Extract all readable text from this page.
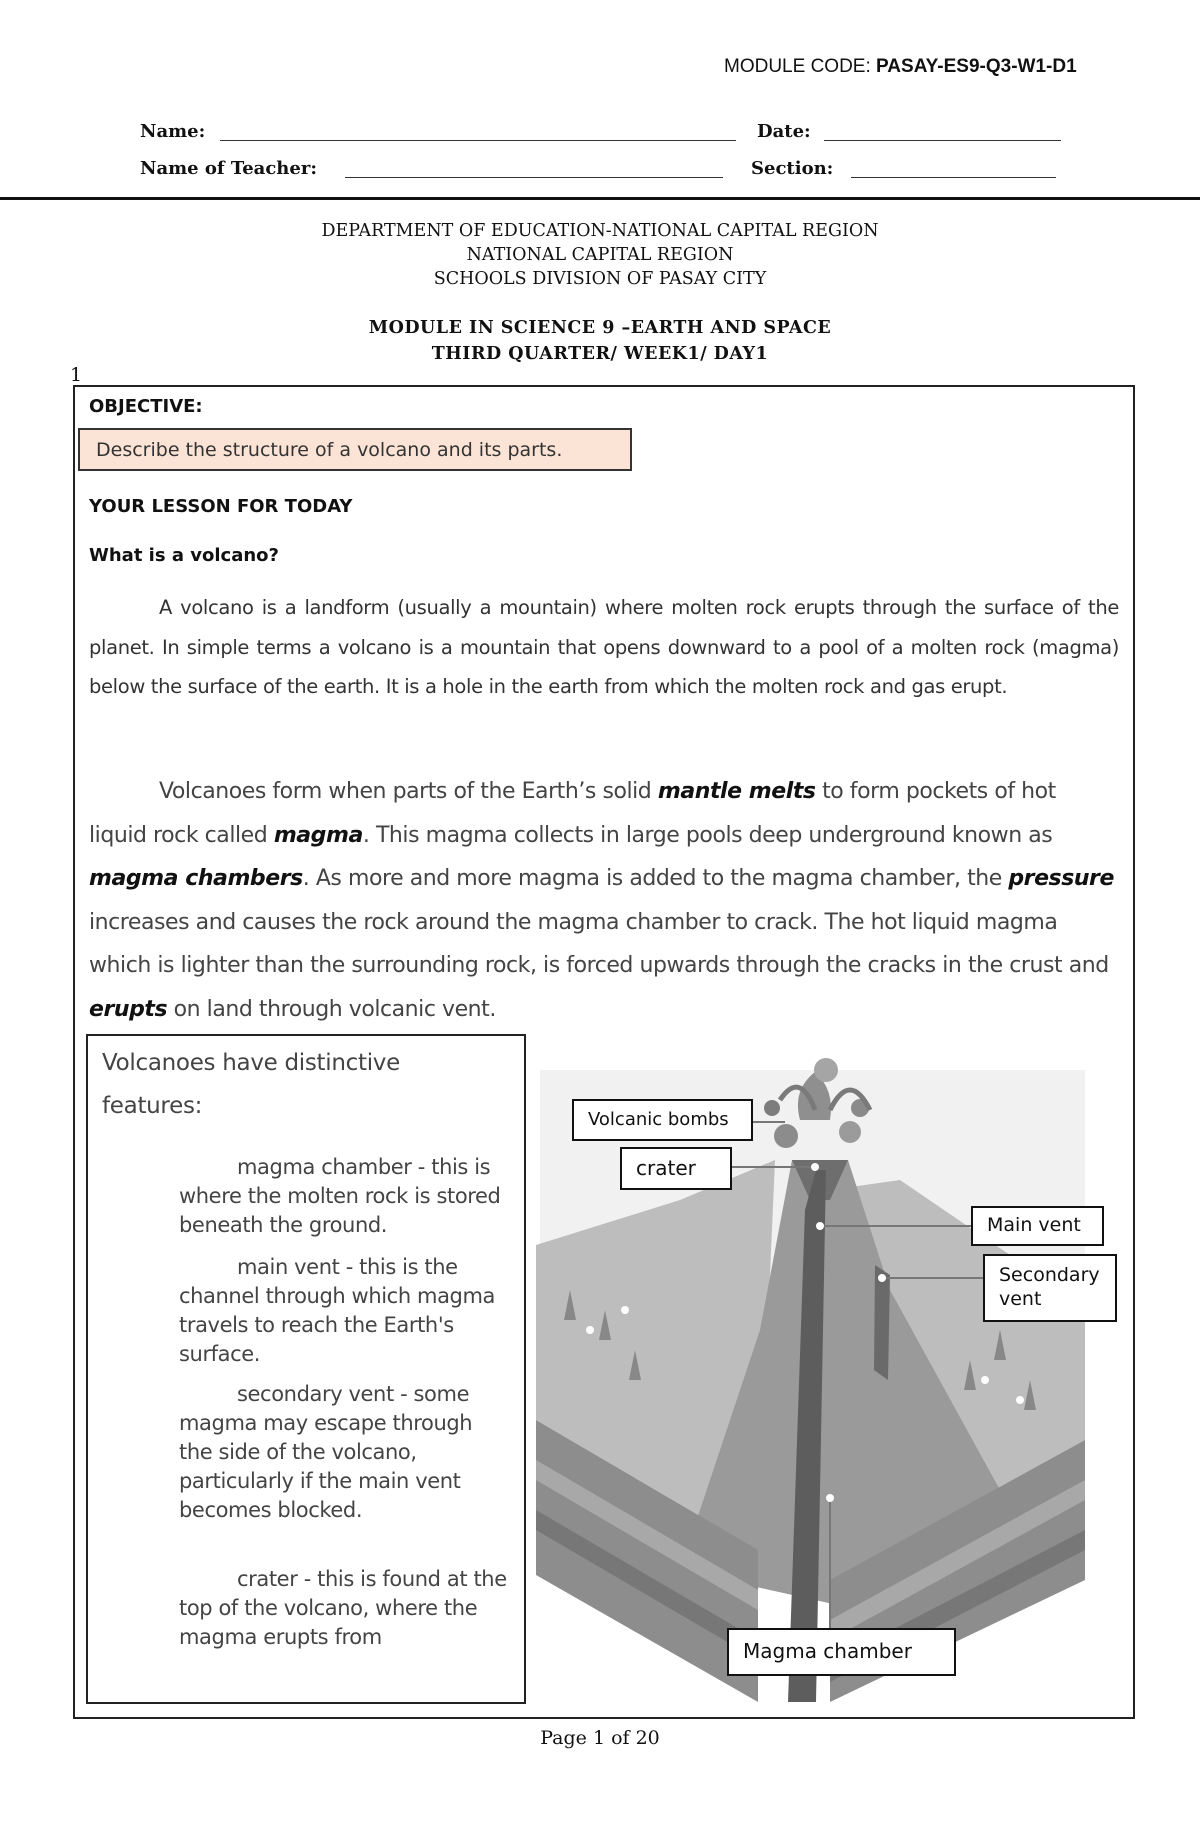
MODULE CODE: PASAY-ES9-Q3-W1-D1
Name:	Date:
Name of Teacher:	Section:
DEPARTMENT OF EDUCATION-NATIONAL CAPITAL REGION
NATIONAL CAPITAL REGION
SCHOOLS DIVISION OF PASAY CITY
MODULE IN SCIENCE 9 –EARTH AND SPACE
THIRD QUARTER/ WEEK1/ DAY1
1
OBJECTIVE:
Describe the structure of a volcano and its parts.
YOUR LESSON FOR TODAY
What is a volcano?
A volcano is a landform (usually a mountain) where molten rock erupts through the surface of the planet. In simple terms a volcano is a mountain that opens downward to a pool of a molten rock (magma) below the surface of the earth. It is a hole in the earth from which the molten rock and gas erupt.
Volcanoes form when parts of the Earth’s solid mantle melts to form pockets of hot liquid rock called magma. This magma collects in large pools deep underground known as magma chambers. As more and more magma is added to the magma chamber, the pressure increases and causes the rock around the magma chamber to crack. The hot liquid magma which is lighter than the surrounding rock, is forced upwards through the cracks in the crust and erupts on land through volcanic vent.
Volcanoes have distinctive features:
magma chamber - this is where the molten rock is stored beneath the ground.
main vent - this is the channel through which magma travels to reach the Earth's surface.
secondary vent - some magma may escape through the side of the volcano, particularly if the main vent becomes blocked.
crater - this is found at the top of the volcano, where the magma erupts from
Volcanic bombs
crater
Main vent
Secondary vent
Magma chamber
Page 1 of 20
